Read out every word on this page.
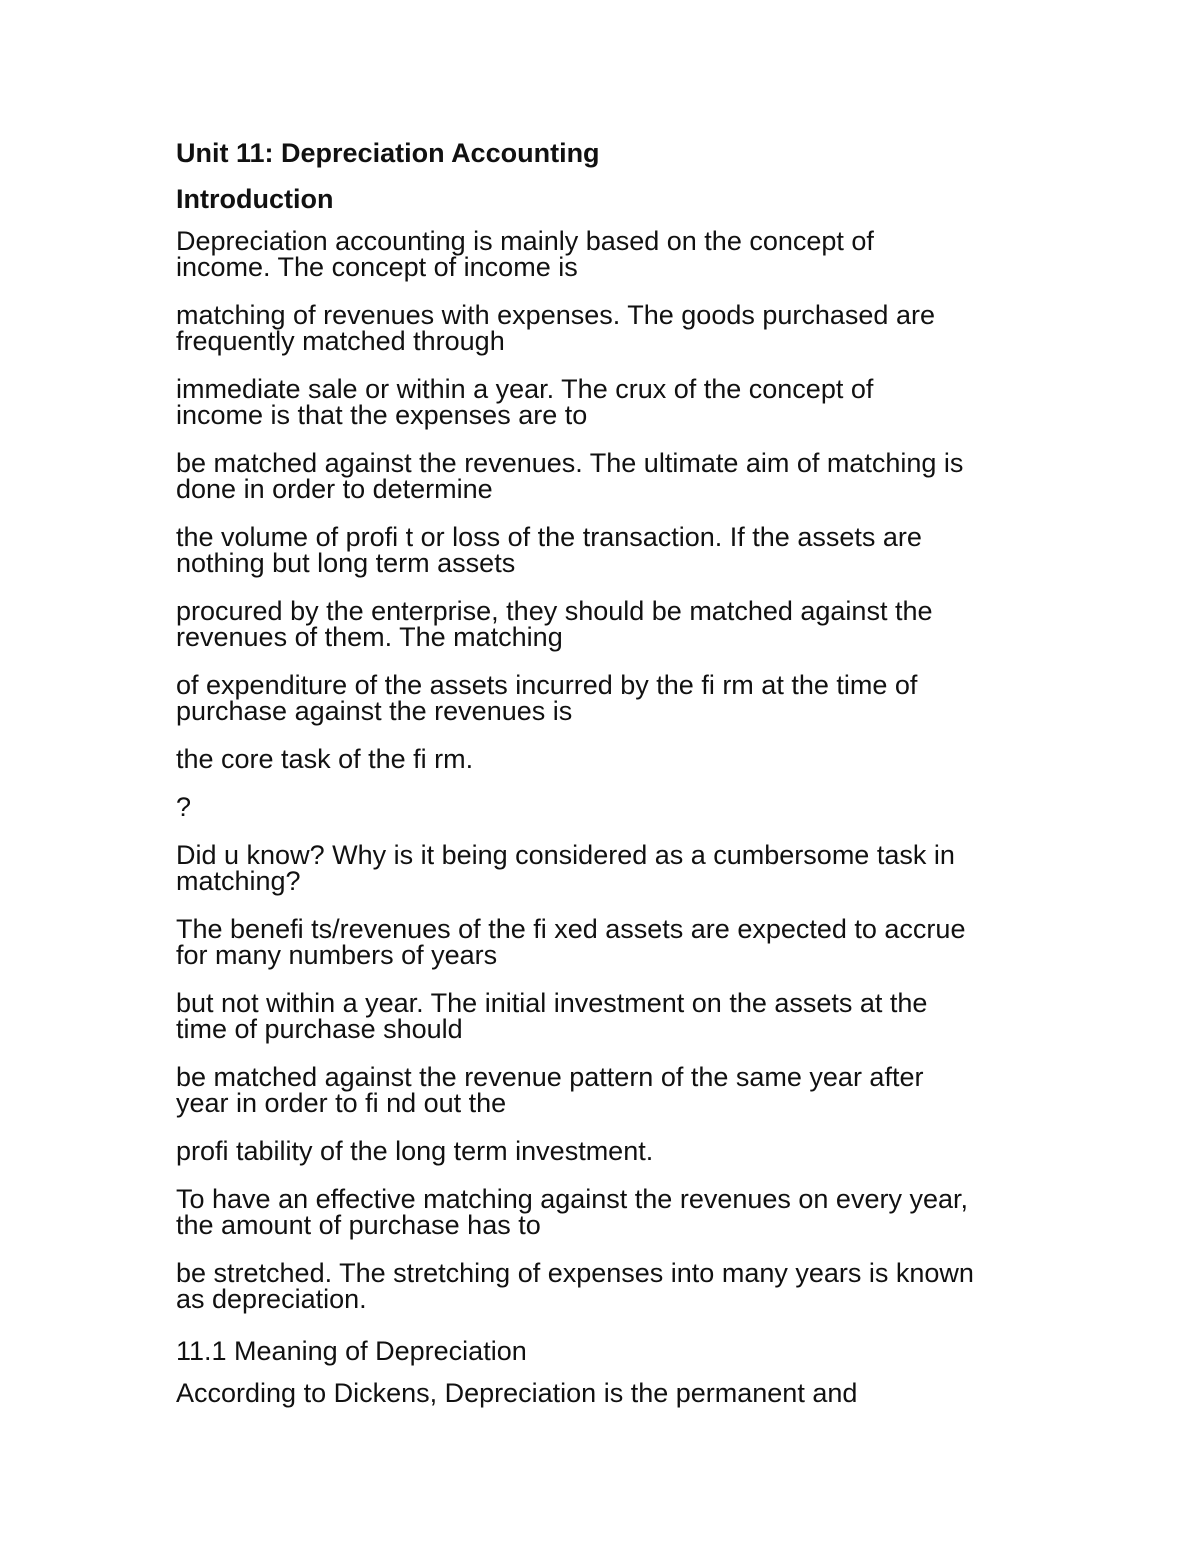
Unit 11: Depreciation Accounting
Introduction
Depreciation accounting is mainly based on the concept of
income. The concept of income is
matching of revenues with expenses. The goods purchased are
frequently matched through
immediate sale or within a year. The crux of the concept of
income is that the expenses are to
be matched against the revenues. The ultimate aim of matching is
done in order to determine
the volume of profi t or loss of the transaction. If the assets are
nothing but long term assets
procured by the enterprise, they should be matched against the
revenues of them. The matching
of expenditure of the assets incurred by the fi rm at the time of
purchase against the revenues is
the core task of the fi rm.
?
Did u know? Why is it being considered as a cumbersome task in
matching?
The benefi ts/revenues of the fi xed assets are expected to accrue
for many numbers of years
but not within a year. The initial investment on the assets at the
time of purchase should
be matched against the revenue pattern of the same year after
year in order to fi nd out the
profi tability of the long term investment.
To have an effective matching against the revenues on every year,
the amount of purchase has to
be stretched. The stretching of expenses into many years is known
as depreciation.
11.1 Meaning of Depreciation
According to Dickens, Depreciation is the permanent and
